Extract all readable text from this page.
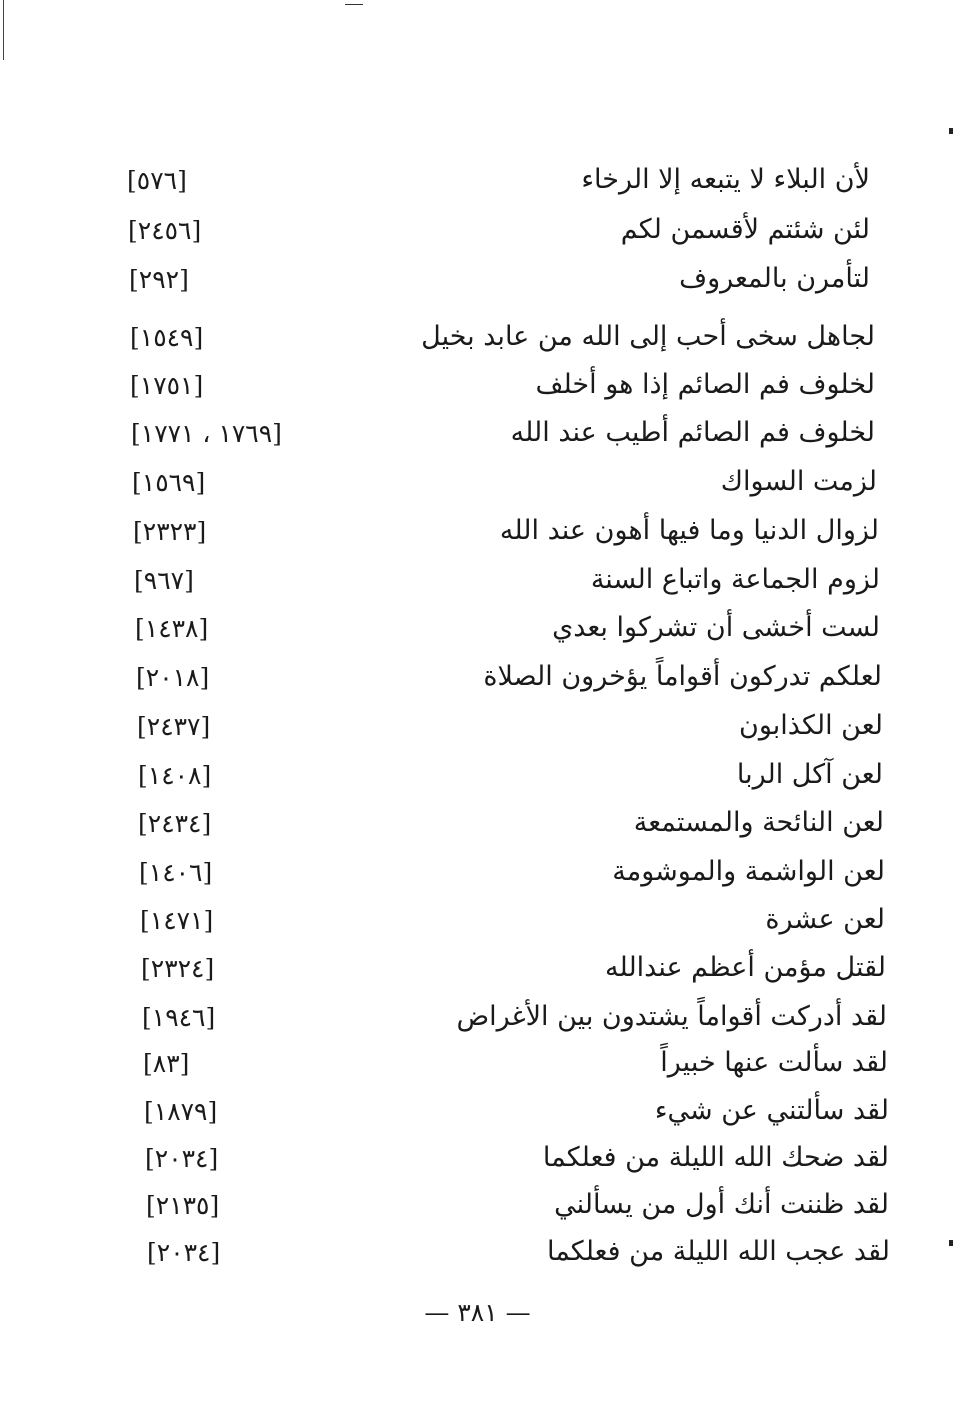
لأن البلاء لا يتبعه إلا الرخاء
[٥٧٦]
لئن شئتم لأقسمن لكم
[٢٤٥٦]
لتأمرن بالمعروف
[٢٩٢]
لجاهل سخى أحب إلى الله من عابد بخيل
[١٥٤٩]
لخلوف فم الصائم إذا هو أخلف
[١٧٥١]
لخلوف فم الصائم أطيب عند الله
[١٧٦٩ ، ١٧٧١]
لزمت السواك
[١٥٦٩]
لزوال الدنيا وما فيها أهون عند الله
[٢٣٢٣]
لزوم الجماعة واتباع السنة
[٩٦٧]
لست أخشى أن تشركوا بعدي
[١٤٣٨]
لعلكم تدركون أقواماً يؤخرون الصلاة
[٢٠١٨]
لعن الكذابون
[٢٤٣٧]
لعن آكل الربا
[١٤٠٨]
لعن النائحة والمستمعة
[٢٤٣٤]
لعن الواشمة والموشومة
[١٤٠٦]
لعن عشرة
[١٤٧١]
لقتل مؤمن أعظم عندالله
[٢٣٢٤]
لقد أدركت أقواماً يشتدون بين الأغراض
[١٩٤٦]
لقد سألت عنها خبيراً
[٨٣]
لقد سألتني عن شيء
[١٨٧٩]
لقد ضحك الله الليلة من فعلكما
[٢٠٣٤]
لقد ظننت أنك أول من يسألني
[٢١٣٥]
لقد عجب الله الليلة من فعلكما
[٢٠٣٤]
— ٣٨١ —
